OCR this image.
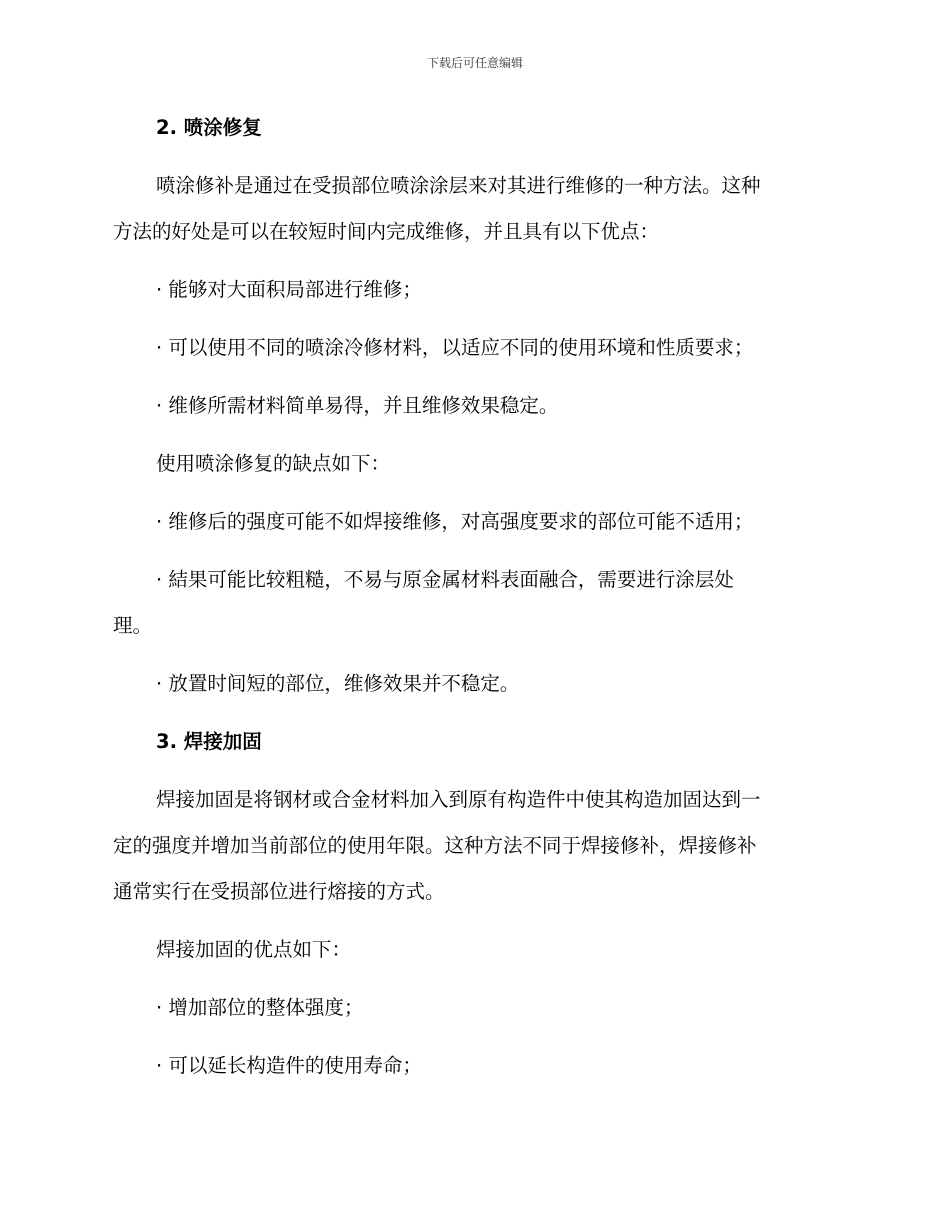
下载后可任意编辑
2. 喷涂修复
喷涂修补是通过在受损部位喷涂涂层来对其进行维修的一种方法。这种
方法的好处是可以在较短时间内完成维修，并且具有以下优点：
· 能够对大面积局部进行维修；
· 可以使用不同的喷涂冷修材料，以适应不同的使用环境和性质要求；
· 维修所需材料简单易得，并且维修效果稳定。
使用喷涂修复的缺点如下：
· 维修后的强度可能不如焊接维修，对高强度要求的部位可能不适用；
· 結果可能比较粗糙，不易与原金属材料表面融合，需要进行涂层处
理。
· 放置时间短的部位，维修效果并不稳定。
3. 焊接加固
焊接加固是将钢材或合金材料加入到原有构造件中使其构造加固达到一
定的强度并增加当前部位的使用年限。这种方法不同于焊接修补，焊接修补
通常实行在受损部位进行熔接的方式。
焊接加固的优点如下：
· 增加部位的整体强度；
· 可以延长构造件的使用寿命；
